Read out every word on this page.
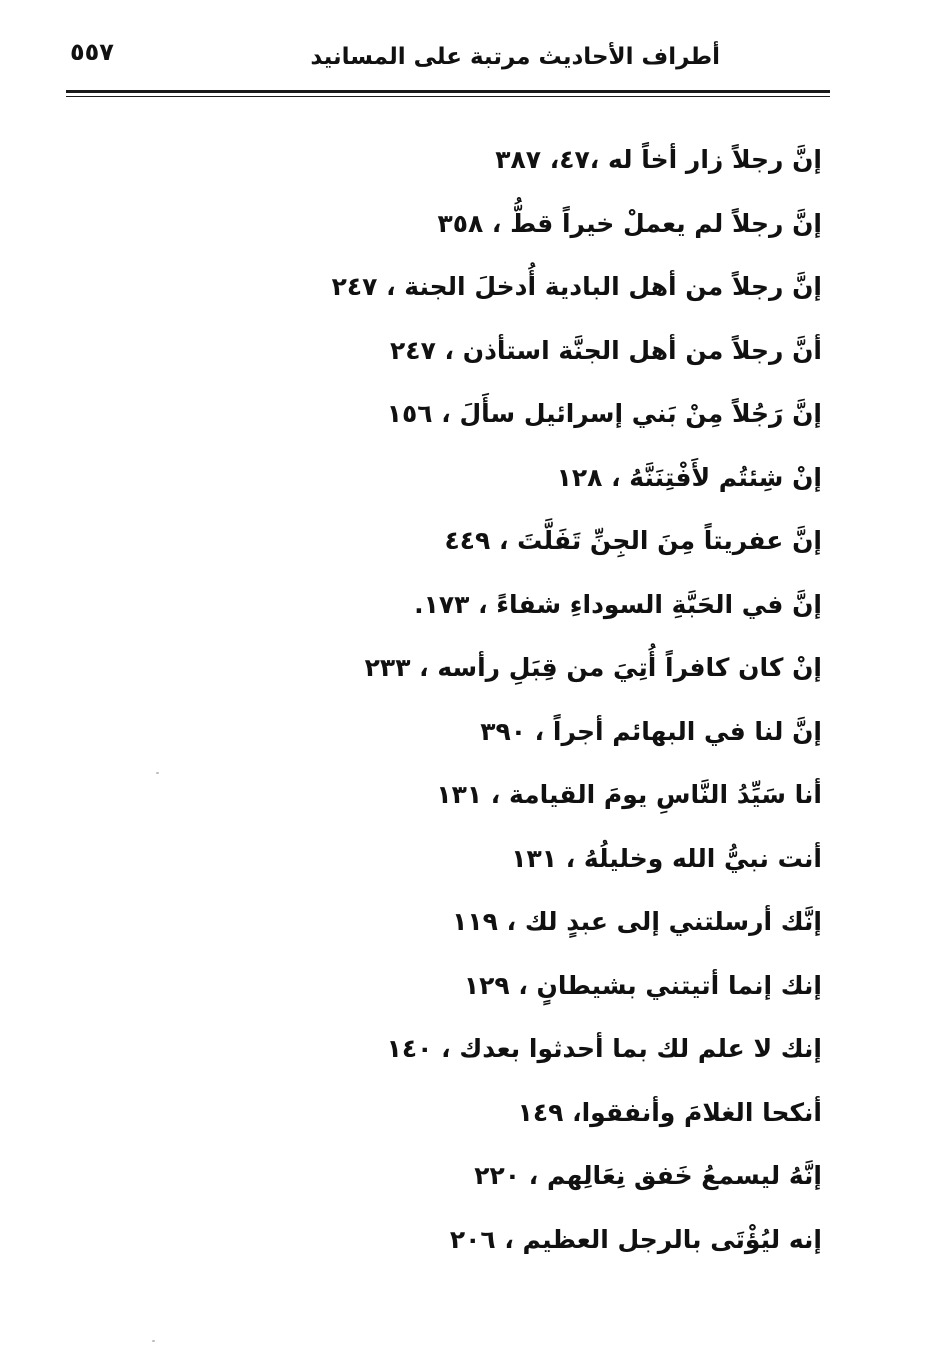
أطراف الأحاديث مرتبة على المسانيد
٥٥٧
إنَّ رجلاً زار أخاً له ،٤٧، ٣٨٧
إنَّ رجلاً لم يعملْ خيراً قطُّ ، ٣٥٨
إنَّ رجلاً من أهل البادية أُدخلَ الجنة ، ٢٤٧
أنَّ رجلاً من أهل الجنَّة استأذن ، ٢٤٧
إنَّ رَجُلاً مِنْ بَني إسرائيل سأَلَ ، ١٥٦
إنْ شِئتُم لأَفْتِنَنَّهُ ، ١٢٨
إنَّ عفريتاً مِنَ الجِنِّ تَفَلَّتَ ، ٤٤٩
إنَّ في الحَبَّةِ السوداءِ شفاءً ، ١٧٣.
إنْ كان كافراً أُتِيَ من قِبَلِ رأسه ، ٢٣٣
إنَّ لنا في البهائم أجراً ، ٣٩٠
أنا سَيِّدُ النَّاسِ يومَ القيامة ، ١٣١
أنت نبيُّ الله وخليلُهُ ، ١٣١
إنَّك أرسلتني إلى عبدٍ لك ، ١١٩
إنك إنما أتيتني بشيطانٍ ، ١٢٩
إنك لا علم لك بما أحدثوا بعدك ، ١٤٠
أنكحا الغلامَ وأنفقوا، ١٤٩
إنَّهُ ليسمعُ خَفق نِعَالِهم ، ٢٢٠
إنه ليُؤْتَى بالرجل العظيم ، ٢٠٦
